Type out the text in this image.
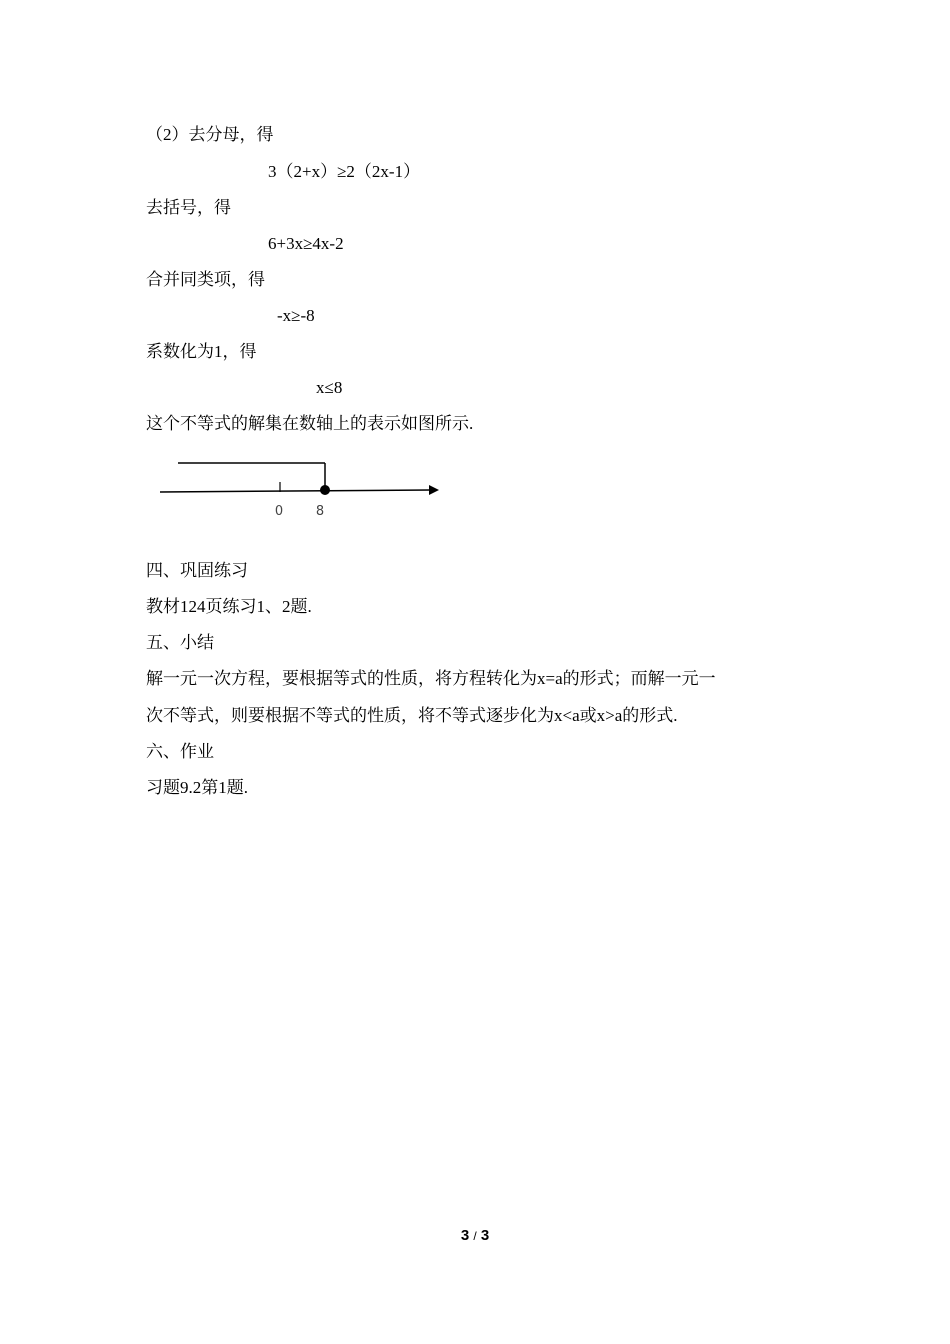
（2）去分母，得
3（2+x）≥2（2x-1）
去括号，得
6+3x≥4x-2
合并同类项，得
-x≥-8
系数化为1，得
x≤8
这个不等式的解集在数轴上的表示如图所示.
0	8
四、巩固练习
教材124页练习1、2题.
五、小结
解一元一次方程，要根据等式的性质，将方程转化为x=a的形式；而解一元一
次不等式，则要根据不等式的性质，将不等式逐步化为x<a或x>a的形式.
六、作业
习题9.2第1题.
3 / 3
